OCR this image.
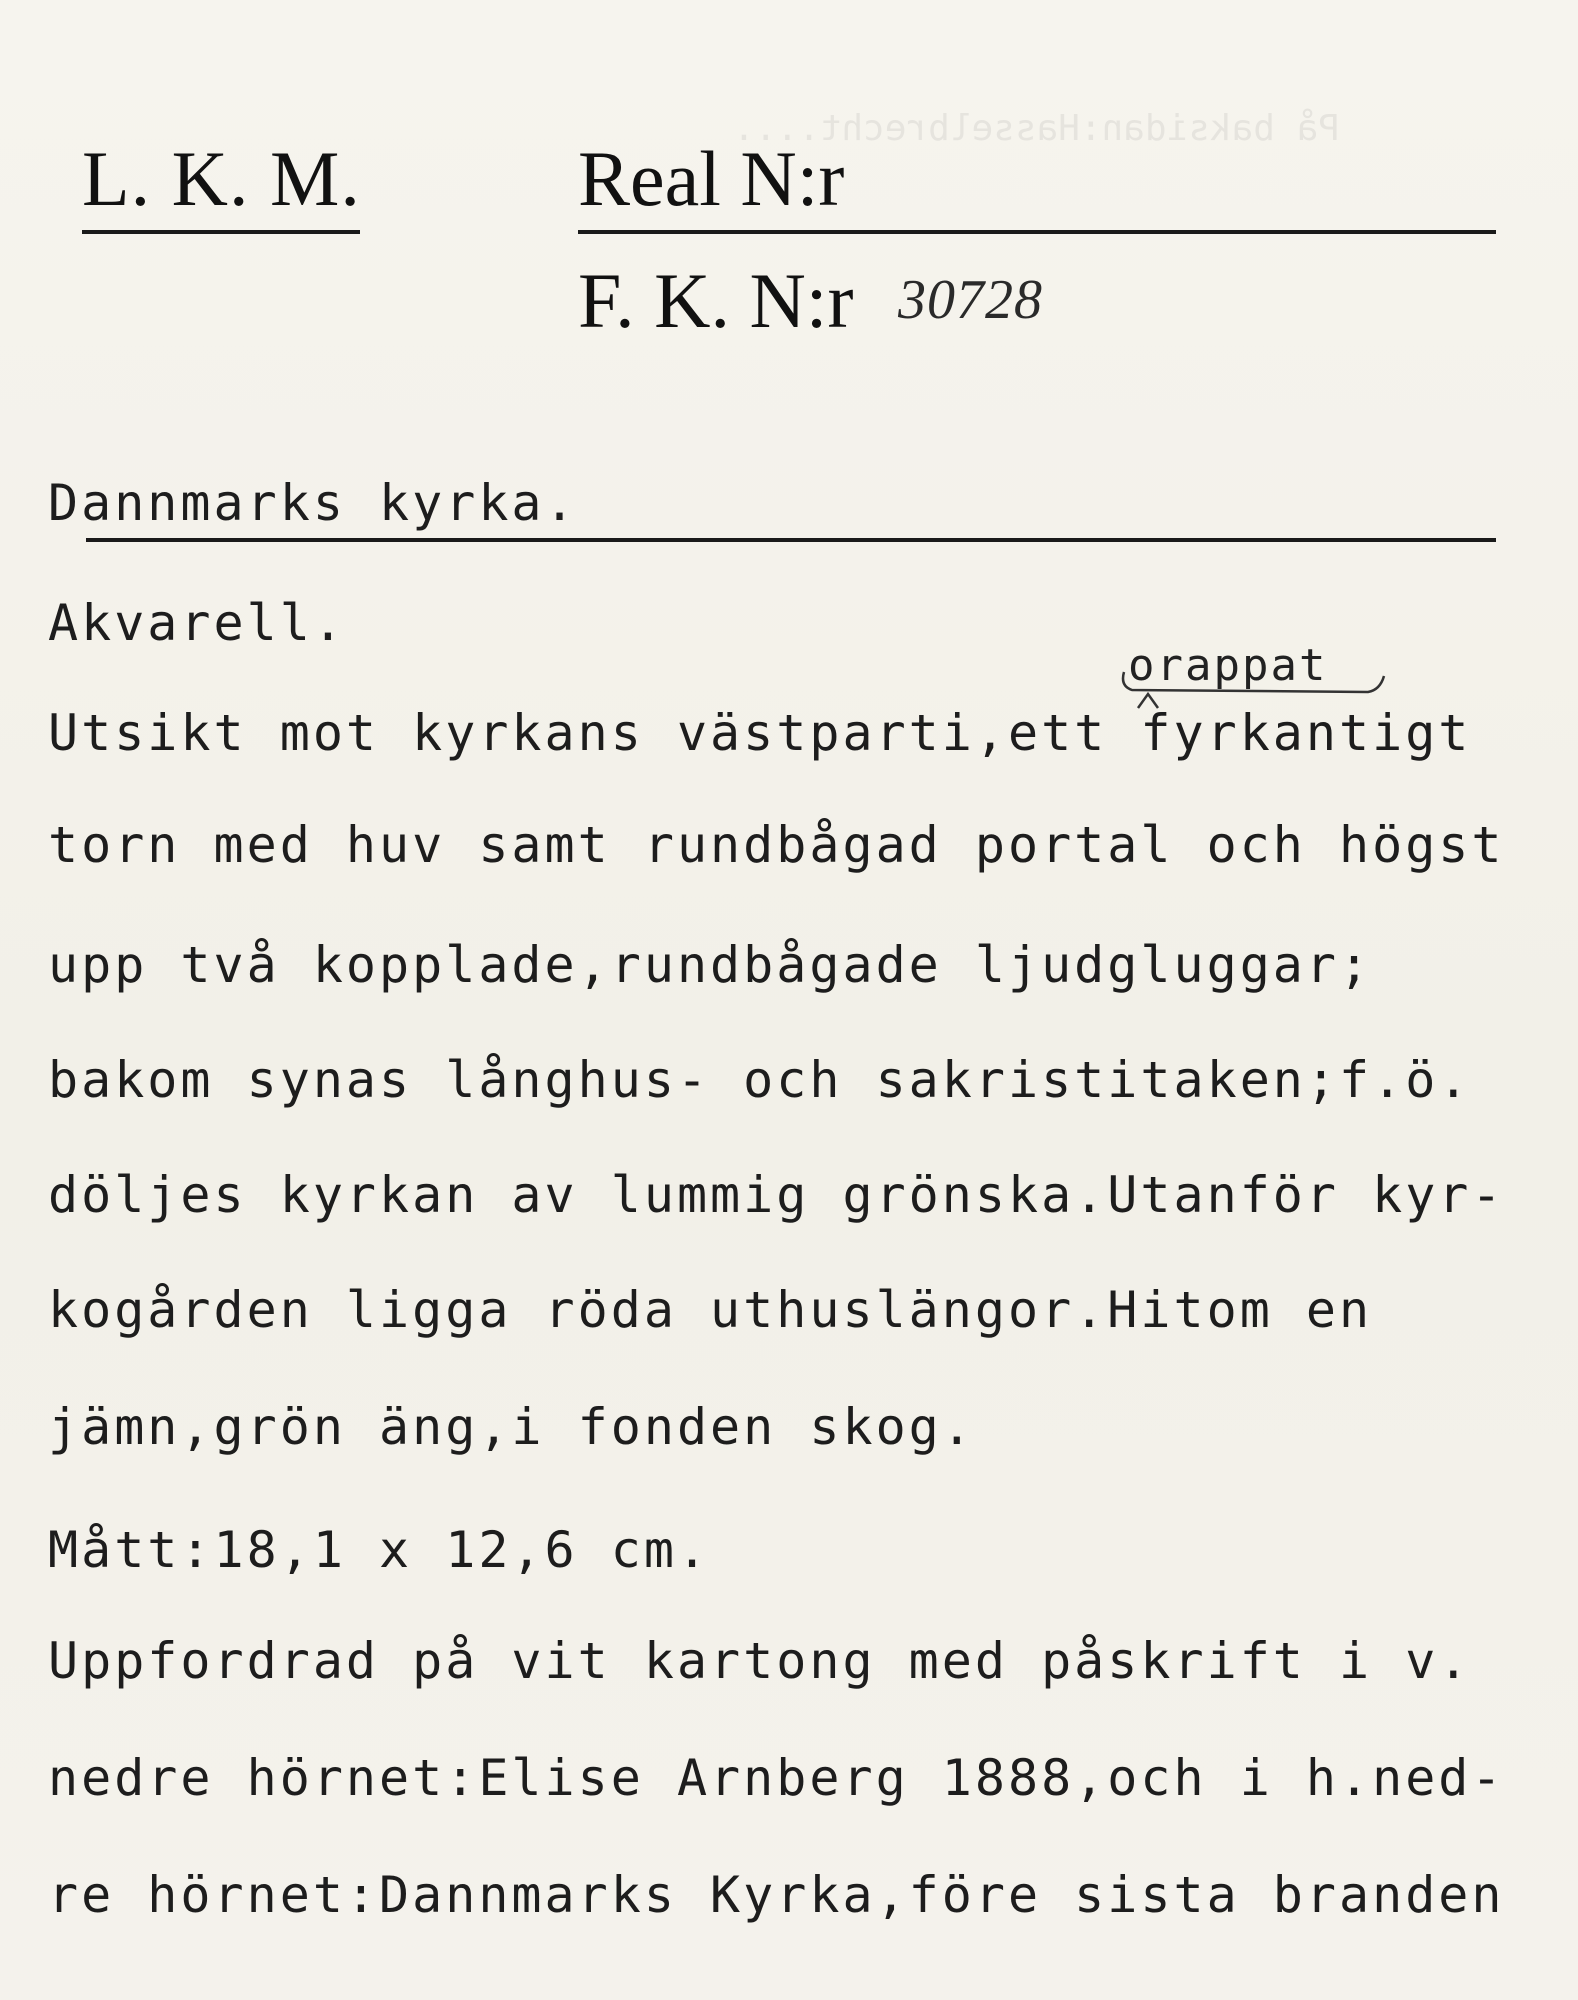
På baksidan:Hasselbrecht....
L. K. M.	Real N:r
F. K. N:r 30728
Dannmarks kyrka.
orappat
Akvarell.
Utsikt mot kyrkans västparti,ett fyrkantigt
torn med huv samt rundbågad portal och högst
upp två kopplade,rundbågade ljudgluggar;
bakom synas långhus- och sakristitaken;f.ö.
döljes kyrkan av lummig grönska.Utanför kyr-
kogården ligga röda uthuslängor.Hitom en
jämn,grön äng,i fonden skog.
Mått:18,1 x 12,6 cm.
Uppfordrad på vit kartong med påskrift i v.
nedre hörnet:Elise Arnberg 1888,och i h.ned-
re hörnet:Dannmarks Kyrka,före sista branden
